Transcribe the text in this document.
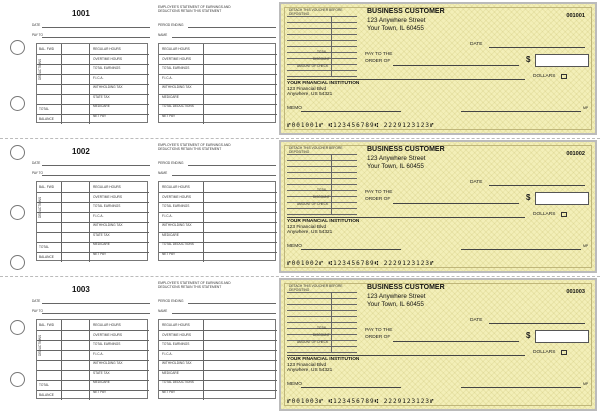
1001
DATE
PAY TO
BAL. FWD
DEDUCTIONS
TOTAL
BALANCE
REGULAR HOURS
OVERTIME HOURS
TOTAL EARNINGS
F.I.C.A.
WITHHOLDING TAX
STATE TAX
MEDICARE
NET PAY
PERIOD ENDING
EMPLOYEE'S STATEMENT OF EARNINGS AND DEDUCTIONS RETAIN THIS STATEMENT
NAME
REGULAR HOURS
OVERTIME HOURS
TOTAL EARNINGS
F.I.C.A.
WITHHOLDING TAX
MEDICARE
TOTAL DEDUCTIONS
NET PAY
DETACH THIS VOUCHER BEFORE DEPOSITING
TOTAL
DISCOUNT
AMOUNT OF CHECK
BUSINESS CUSTOMER
123 Anywhere Street
Your Town, IL 60455
001001
DATE
PAY TO THE
ORDER OF	$
DOLLARS
YOUR FINANCIAL INSTITUTION
123 Financial Blvd
Anywhere, US 54321
MEMO	MP
⑈001001⑈ ⑆123456789⑆ 2229123123⑈
1002
DATE
PAY TO
BAL. FWD
DEDUCTIONS
TOTAL
BALANCE
REGULAR HOURS
OVERTIME HOURS
TOTAL EARNINGS
F.I.C.A.
WITHHOLDING TAX
STATE TAX
MEDICARE
NET PAY
PERIOD ENDING
EMPLOYEE'S STATEMENT OF EARNINGS AND DEDUCTIONS RETAIN THIS STATEMENT
NAME
REGULAR HOURS
OVERTIME HOURS
TOTAL EARNINGS
F.I.C.A.
WITHHOLDING TAX
MEDICARE
TOTAL DEDUCTIONS
NET PAY
DETACH THIS VOUCHER BEFORE DEPOSITING
TOTAL
DISCOUNT
AMOUNT OF CHECK
BUSINESS CUSTOMER
123 Anywhere Street
Your Town, IL 60455
001002
DATE
PAY TO THE
ORDER OF	$
DOLLARS
YOUR FINANCIAL INSTITUTION
123 Financial Blvd
Anywhere, US 54321
MEMO	MP
⑈001002⑈ ⑆123456789⑆ 2229123123⑈
1003
DATE
PAY TO
BAL. FWD
DEDUCTIONS
TOTAL
BALANCE
REGULAR HOURS
OVERTIME HOURS
TOTAL EARNINGS
F.I.C.A.
WITHHOLDING TAX
STATE TAX
MEDICARE
NET PAY
PERIOD ENDING
EMPLOYEE'S STATEMENT OF EARNINGS AND DEDUCTIONS RETAIN THIS STATEMENT
NAME
REGULAR HOURS
OVERTIME HOURS
TOTAL EARNINGS
F.I.C.A.
WITHHOLDING TAX
MEDICARE
TOTAL DEDUCTIONS
NET PAY
DETACH THIS VOUCHER BEFORE DEPOSITING
TOTAL
DISCOUNT
AMOUNT OF CHECK
BUSINESS CUSTOMER
123 Anywhere Street
Your Town, IL 60455
001003
DATE
PAY TO THE
ORDER OF	$
DOLLARS
YOUR FINANCIAL INSTITUTION
123 Financial Blvd
Anywhere, US 54321
MEMO	MP
⑈001003⑈ ⑆123456789⑆ 2229123123⑈
